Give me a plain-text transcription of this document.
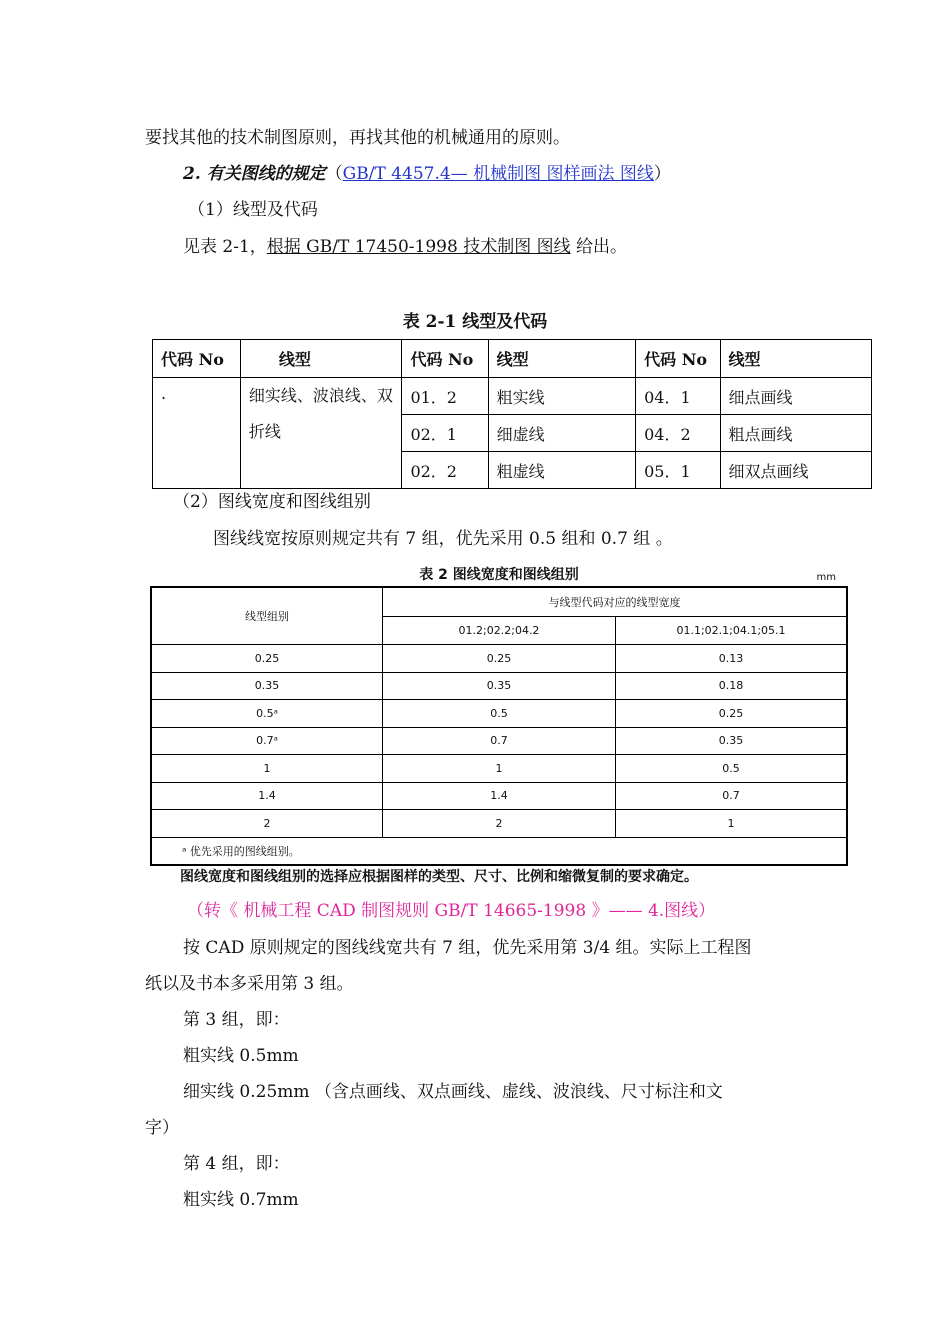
要找其他的技术制图原则，再找其他的机械通用的原则。
2. 有关图线的规定（GB/T 4457.4— 机械制图 图样画法 图线）
（1）线型及代码
见表 2-1，根据 GB/T 17450-1998 技术制图 图线 给出。
表 2-1 线型及代码
代码 No	线型	代码 No	线型	代码 No	线型
.	细实线、波浪线、双折线	01．2	粗实线	04．1	细点画线
		02．1	细虚线	04．2	粗点画线
		02．2	粗虚线	05．1	细双点画线
（2）图线宽度和图线组别
图线线宽按原则规定共有 7 组，优先采用 0.5 组和 0.7 组 。
表 2 图线宽度和图线组别	mm
线型组别	与线型代码对应的线型宽度	
	01.2;02.2;04.2	01.1;02.1;04.1;05.1
0.25	0.25	0.13
0.35	0.35	0.18
0.5ᵃ	0.5	0.25
0.7ᵃ	0.7	0.35
1	1	0.5
1.4	1.4	0.7
2	2	1
ᵃ 优先采用的图线组别。		
图线宽度和图线组别的选择应根据图样的类型、尺寸、比例和缩微复制的要求确定。
（转《 机械工程 CAD 制图规则 GB/T 14665-1998 》—— 4.图线）
按 CAD 原则规定的图线线宽共有 7 组，优先采用第 3/4 组。实际上工程图
纸以及书本多采用第 3 组。
第 3 组，即：
粗实线 0.5mm
细实线 0.25mm （含点画线、双点画线、虚线、波浪线、尺寸标注和文
字）
第 4 组，即：
粗实线 0.7mm
